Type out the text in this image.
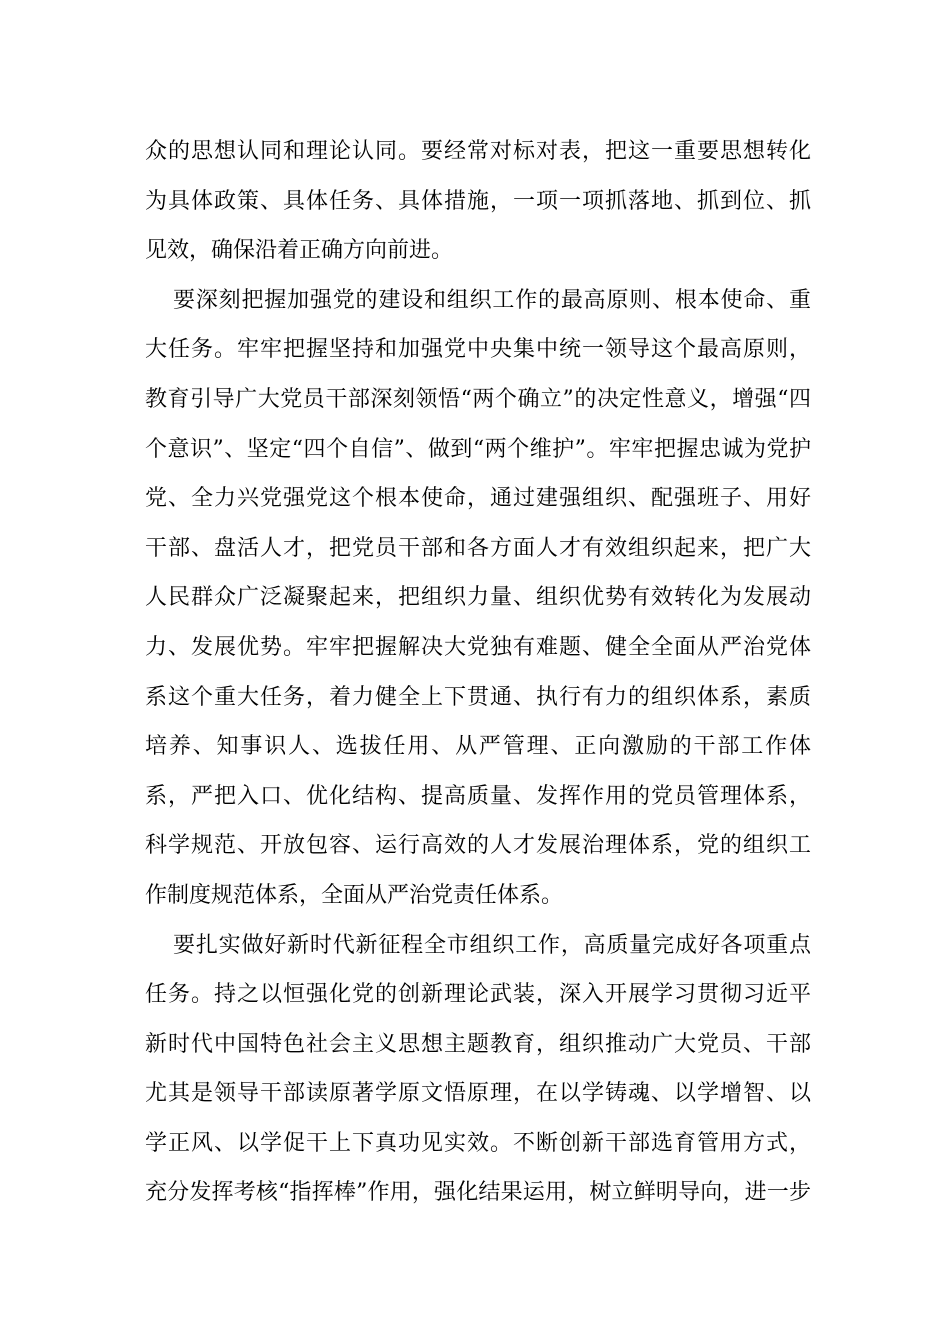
众的思想认同和理论认同。要经常对标对表，把这一重要思想转化
为具体政策、具体任务、具体措施，一项一项抓落地、抓到位、抓
见效，确保沿着正确方向前进。
要深刻把握加强党的建设和组织工作的最高原则、根本使命、重
大任务。牢牢把握坚持和加强党中央集中统一领导这个最高原则，
教育引导广大党员干部深刻领悟“两个确立”的决定性意义，增强“四
个意识”、坚定“四个自信”、做到“两个维护”。牢牢把握忠诚为党护
党、全力兴党强党这个根本使命，通过建强组织、配强班子、用好
干部、盘活人才，把党员干部和各方面人才有效组织起来，把广大
人民群众广泛凝聚起来，把组织力量、组织优势有效转化为发展动
力、发展优势。牢牢把握解决大党独有难题、健全全面从严治党体
系这个重大任务，着力健全上下贯通、执行有力的组织体系，素质
培养、知事识人、选拔任用、从严管理、正向激励的干部工作体
系，严把入口、优化结构、提高质量、发挥作用的党员管理体系，
科学规范、开放包容、运行高效的人才发展治理体系，党的组织工
作制度规范体系，全面从严治党责任体系。
要扎实做好新时代新征程全市组织工作，高质量完成好各项重点
任务。持之以恒强化党的创新理论武装，深入开展学习贯彻习近平
新时代中国特色社会主义思想主题教育，组织推动广大党员、干部
尤其是领导干部读原著学原文悟原理，在以学铸魂、以学增智、以
学正风、以学促干上下真功见实效。不断创新干部选育管用方式，
充分发挥考核“指挥棒”作用，强化结果运用，树立鲜明导向，进一步
